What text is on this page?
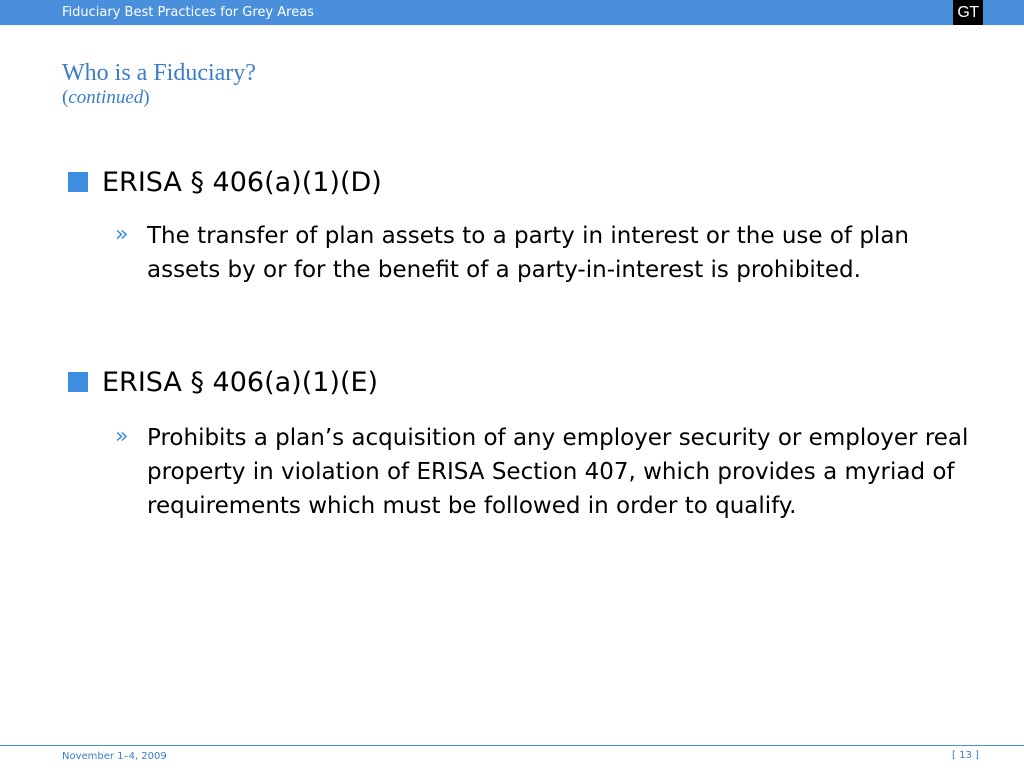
Fiduciary Best Practices for Grey Areas	GT
Who is a Fiduciary?
(continued)
ERISA § 406(a)(1)(D)
» The transfer of plan assets to a party in interest or the use of plan assets by or for the benefit of a party-in-interest is prohibited.
ERISA § 406(a)(1)(E)
» Prohibits a plan’s acquisition of any employer security or employer real property in violation of ERISA Section 407, which provides a myriad of requirements which must be followed in order to qualify.
November 1–4, 2009	[ 13 ]
